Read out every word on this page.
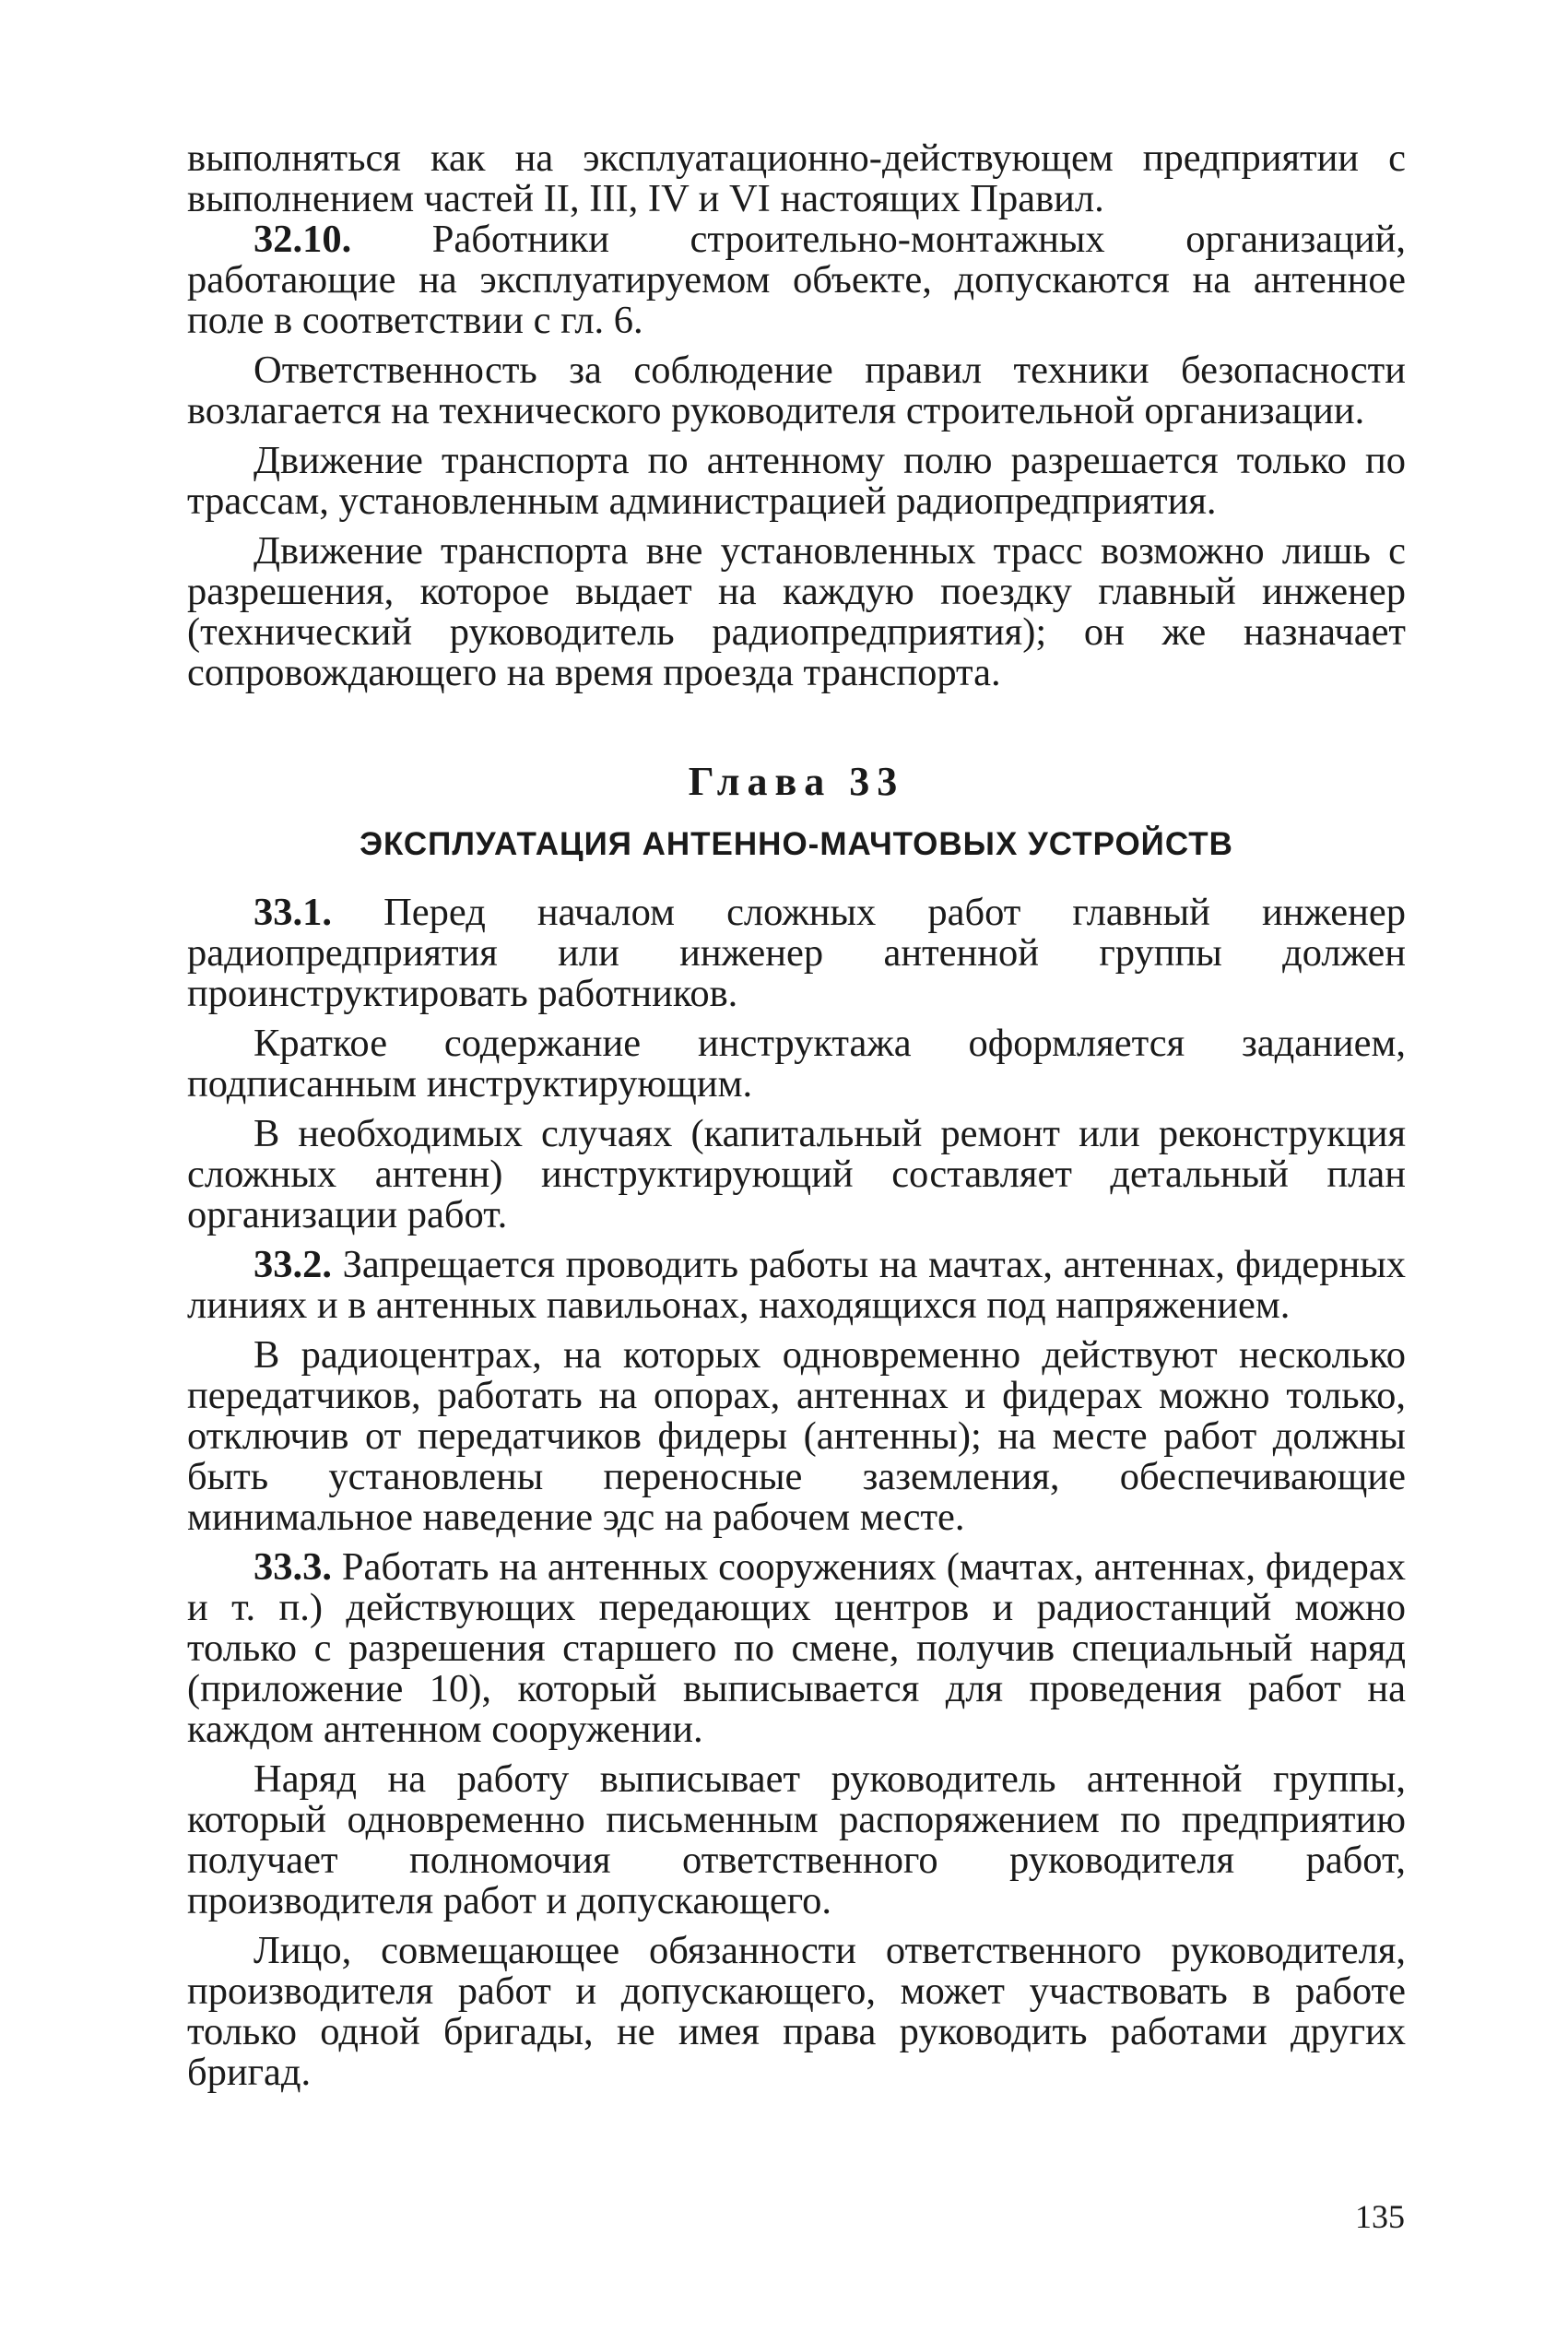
выполняться как на эксплуатационно-действующем предприятии с выполнением частей II, III, IV и VI настоящих Правил.

32.10. Работники строительно-монтажных организаций, работающие на эксплуатируемом объекте, допускаются на антенное поле в соответствии с гл. 6.

Ответственность за соблюдение правил техники безопасности возлагается на технического руководителя строительной организации.

Движение транспорта по антенному полю разрешается только по трассам, установленным администрацией радиопредприятия.

Движение транспорта вне установленных трасс возможно лишь с разрешения, которое выдает на каждую поездку главный инженер (технический руководитель радиопредприятия); он же назначает сопровождающего на время проезда транспорта.

Глава 33
ЭКСПЛУАТАЦИЯ АНТЕННО-МАЧТОВЫХ УСТРОЙСТВ

33.1. Перед началом сложных работ главный инженер радиопредприятия или инженер антенной группы должен проинструктировать работников.

Краткое содержание инструктажа оформляется заданием, подписанным инструктирующим.

В необходимых случаях (капитальный ремонт или реконструкция сложных антенн) инструктирующий составляет детальный план организации работ.

33.2. Запрещается проводить работы на мачтах, антеннах, фидерных линиях и в антенных павильонах, находящихся под напряжением.

В радиоцентрах, на которых одновременно действуют несколько передатчиков, работать на опорах, антеннах и фидерах можно только, отключив от передатчиков фидеры (антенны); на месте работ должны быть установлены переносные заземления, обеспечивающие минимальное наведение эдс на рабочем месте.

33.3. Работать на антенных сооружениях (мачтах, антеннах, фидерах и т. п.) действующих передающих центров и радиостанций можно только с разрешения старшего по смене, получив специальный наряд (приложение 10), который выписывается для проведения работ на каждом антенном сооружении.

Наряд на работу выписывает руководитель антенной группы, который одновременно письменным распоряжением по предприятию получает полномочия ответственного руководителя работ, производителя работ и допускающего.

Лицо, совмещающее обязанности ответственного руководителя, производителя работ и допускающего, может участвовать в работе только одной бригады, не имея права руководить работами других бригад.

135
